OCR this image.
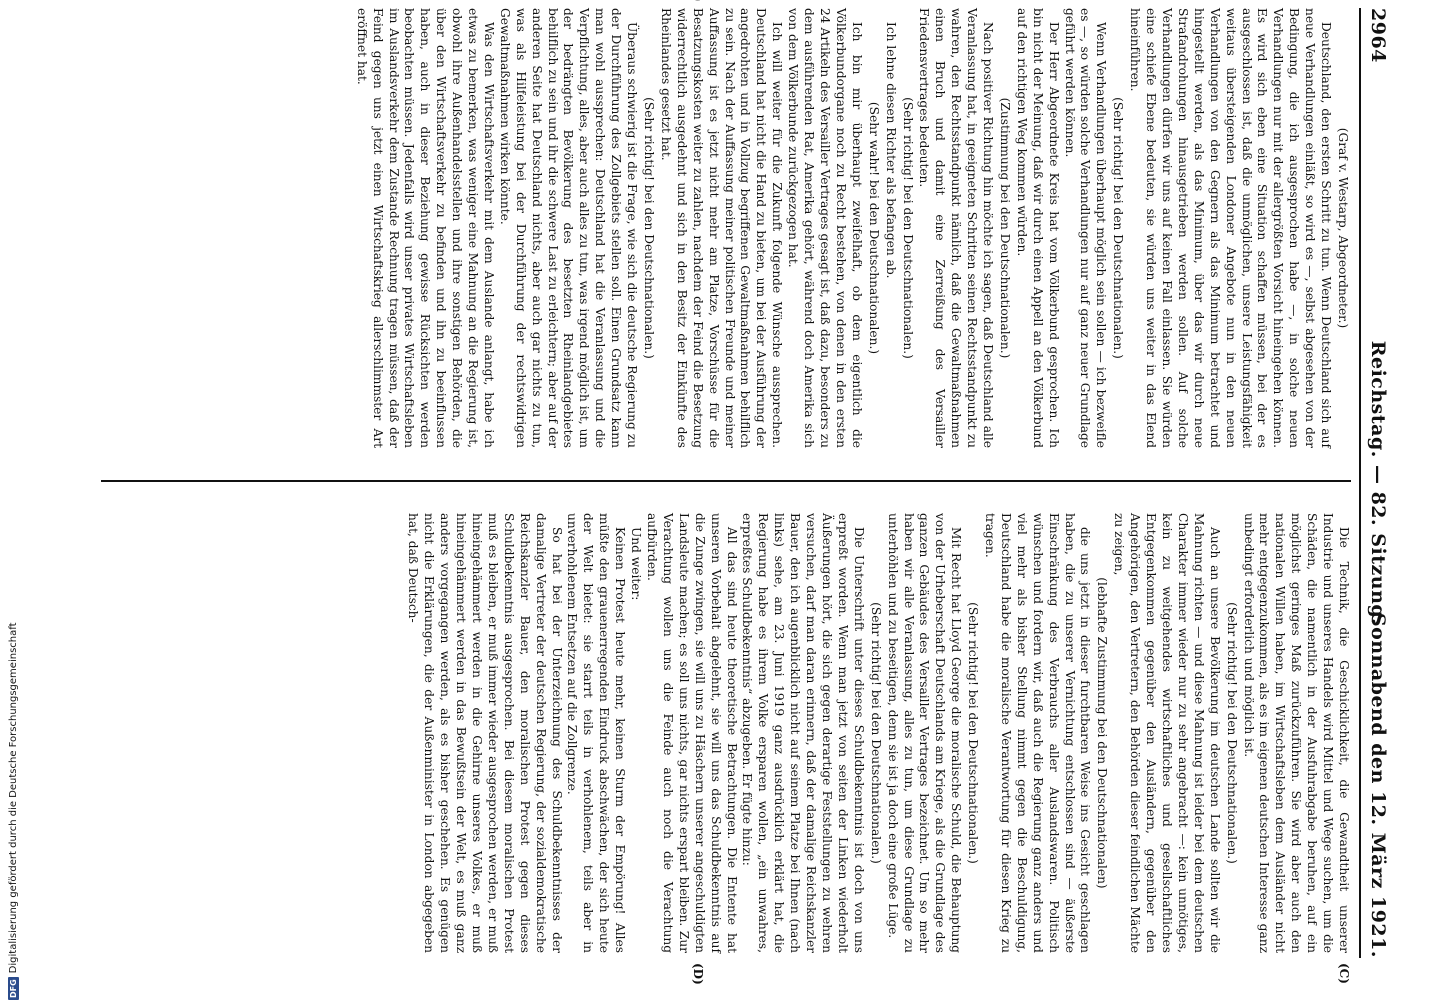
2964
Reichstag. — 82. Sitzung.
Sonnabend den 12. März 1921.
(C)
(D)

(Graf v. Westarp, Abgeordneter.)

Deutschland, den ersten Schritt zu tun. Wenn Deutschland sich auf neue Verhandlungen einläßt, so wird es —, selbst abgesehen von der Bedingung, die ich ausgesprochen habe —, in solche neuen Verhandlungen nur mit der allergrößten Vorsicht hineingehen können. Es wird sich eben eine Situation schaffen müssen, bei der es ausgeschlossen ist, daß die unmöglichen, unsere Leistungsfähigkeit weitaus übersteigenden Londoner Angebote nun in den neuen Verhandlungen von den Gegnern als das Minimum betrachtet und hingestellt werden, als das Minimum, über das wir durch neue Strafandrohungen hinausgetrieben werden sollen. Auf solche Verhandlungen dürfen wir uns auf keinen Fall einlassen. Sie würden eine schiefe Ebene bedeuten, sie würden uns weiter in das Elend hineinführen.

(Sehr richtig! bei den Deutschnationalen.)

Wenn Verhandlungen überhaupt möglich sein sollen — ich bezweifle es —, so würden solche Verhandlungen nur auf ganz neuer Grundlage geführt werden können.

Der Herr Abgeordnete Kreis hat vom Völkerbund gesprochen. Ich bin nicht der Meinung, daß wir durch einen Appell an den Völkerbund auf den richtigen Weg kommen würden.

(Zustimmung bei den Deutschnationalen.)

Nach positiver Richtung hin möchte ich sagen, daß Deutschland alle Veranlassung hat, in geeigneten Schritten seinen Rechtsstandpunkt zu wahren, den Rechtsstandpunkt nämlich, daß die Gewaltmaßnahmen einen Bruch und damit eine Zerreißung des Versailler Friedensvertrages bedeuten.

(Sehr richtig! bei den Deutschnationalen.)

Ich lehne diesen Richter als befangen ab.

(Sehr wahr! bei den Deutschnationalen.)

Ich bin mir überhaupt zweifelhaft, ob dem eigentlich die Völkerbundorgane noch zu Recht bestehen, von denen in den ersten 24 Artikeln des Versailler Vertrages gesagt ist, daß dazu, besonders zu dem ausführenden Rat, Amerika gehört, während doch Amerika sich von dem Völkerbunde zurückgezogen hat.

Ich will weiter für die Zukunft folgende Wünsche aussprechen. Deutschland hat nicht die Hand zu bieten, um bei der Ausführung der angedrohten und in Vollzug begriffenen Gewaltmaßnahmen behilflich zu sein. Nach der Auffassung meiner politischen Freunde und meiner Auffassung ist es jetzt nicht mehr am Platze, Vorschüsse für die Besatzungskosten weiter zu zahlen, nachdem der Feind die Besetzung widerrechtlich ausgedehnt und sich in den Besitz der Einkünfte des Rheinlandes gesetzt hat.

(Sehr richtig! bei den Deutschnationalen.)

Überaus schwierig ist die Frage, wie sich die deutsche Regierung zu der Durchführung des Zollgebiets stellen soll. Einen Grundsatz kann man wohl aussprechen: Deutschland hat die Veranlassung und die Verpflichtung, alles, aber auch alles zu tun, was irgend möglich ist, um der bedrängten Bevölkerung des besetzten Rheinlandgebietes behilflich zu sein und ihr die schwere Last zu erleichtern; aber auf der anderen Seite hat Deutschland nichts, aber auch gar nichts zu tun, was als Hilfeleistung bei der Durchführung der rechtswidrigen Gewaltmaßnahmen wirken könnte.

Was den Wirtschaftsverkehr mit dem Auslande anlangt, habe ich etwas zu bemerken, was weniger eine Mahnung an die Regierung ist, obwohl ihre Außenhandelsstellen und ihre sonstigen Behörden, die über den Wirtschaftsverkehr zu befinden und ihn zu beeinflussen haben, auch in dieser Beziehung gewisse Rücksichten werden beobachten müssen. Jedenfalls wird unser privates Wirtschaftsleben im Auslandsverkehr dem Zustande Rechnung tragen müssen, daß der Feind gegen uns jetzt einen Wirtschaftskrieg allerschlimmster Art eröffnet hat.

Die Technik, die Geschicklichkeit, die Gewandtheit unserer Industrie und unseres Handels wird Mittel und Wege suchen, um die Schäden, die namentlich in der Ausfuhrabgabe beruhen, auf ein möglichst geringes Maß zurückzuführen. Sie wird aber auch den nationalen Willen haben, im Wirtschaftsleben dem Ausländer nicht mehr entgegenzukommen, als es im eigenen deutschen Interesse ganz unbedingt erforderlich und möglich ist.

(Sehr richtig! bei den Deutschnationalen.)

Auch an unsere Bevölkerung im deutschen Lande sollten wir die Mahnung richten — und diese Mahnung ist leider bei dem deutschen Charakter immer wieder nur zu sehr angebracht —: kein unnötiges, kein zu weitgehendes wirtschaftliches und gesellschaftliches Entgegenkommen gegenüber den Ausländern, gegenüber den Angehörigen, den Vertretern, den Behörden dieser feindlichen Mächte zu zeigen,

(lebhafte Zustimmung bei den Deutschnationalen)

die uns jetzt in dieser furchtbaren Weise ins Gesicht geschlagen haben, die zu unserer Vernichtung entschlossen sind — äußerste Einschränkung des Verbrauchs aller Auslandswaren. Politisch wünschen und fordern wir, daß auch die Regierung ganz anders und viel mehr als bisher Stellung nimmt gegen die Beschuldigung, Deutschland habe die moralische Verantwortung für diesen Krieg zu tragen.

(Sehr richtig! bei den Deutschnationalen.)

Mit Recht hat Lloyd George die moralische Schuld, die Behauptung von der Urheberschaft Deutschlands am Kriege, als die Grundlage des ganzen Gebäudes des Versailler Vertrages bezeichnet. Um so mehr haben wir alle Veranlassung, alles zu tun, um diese Grundlage zu unterhöhlen und zu beseitigen, denn sie ist ja doch eine große Lüge.

(Sehr richtig! bei den Deutschnationalen.)

Die Unterschrift unter dieses Schuldbekenntnis ist doch von uns erpreßt worden. Wenn man jetzt von seiten der Linken wiederholt Äußerungen hört, die sich gegen derartige Feststellungen zu wehren versuchen, darf man daran erinnern, daß der damalige Reichskanzler Bauer, den ich augenblicklich nicht auf seinem Platze bei Ihnen (nach links) sehe, am 23. Juni 1919 ganz ausdrücklich erklärt hat, die Regierung habe es ihrem Volke ersparen wollen, „ein unwahres, erpreßtes Schuldbekenntnis“ abzugeben. Er fügte hinzu:

All das sind heute theoretische Betrachtungen. Die Entente hat unseren Vorbehalt abgelehnt, sie will uns das Schuldbekenntnis auf die Zunge zwingen, sie will uns zu Häschern unserer angeschuldigten Landsleute machen; es soll uns nichts, gar nichts erspart bleiben. Zur Verachtung wollen uns die Feinde auch noch die Verachtung aufbürden.

Und weiter:

Keinen Protest heute mehr, keinen Sturm der Empörung! Alles müßte den grauenerregenden Eindruck abschwächen, der sich heute der Welt bietet: sie starrt teils in verhohlenem, teils aber in unverhohlenem Entsetzen auf die Zollgrenze.

So hat bei der Unterzeichnung des Schuldbekenntnisses der damalige Vertreter der deutschen Regierung, der sozialdemokratische Reichskanzler Bauer, den moralischen Protest gegen dieses Schuldbekenntnis ausgesprochen. Bei diesem moralischen Protest muß es bleiben, er muß immer wieder ausgesprochen werden, er muß hineingehämmert werden in die Gehirne unseres Volkes, er muß hineingehämmert werden in das Bewußtsein der Welt, es muß ganz anders vorgegangen werden, als es bisher geschehen. Es genügen nicht die Erklärungen, die der Außenminister in London abgegeben hat, daß Deutsch-

DFGDigitalisierung gefördert durch die Deutsche Forschungsgemeinschaft
